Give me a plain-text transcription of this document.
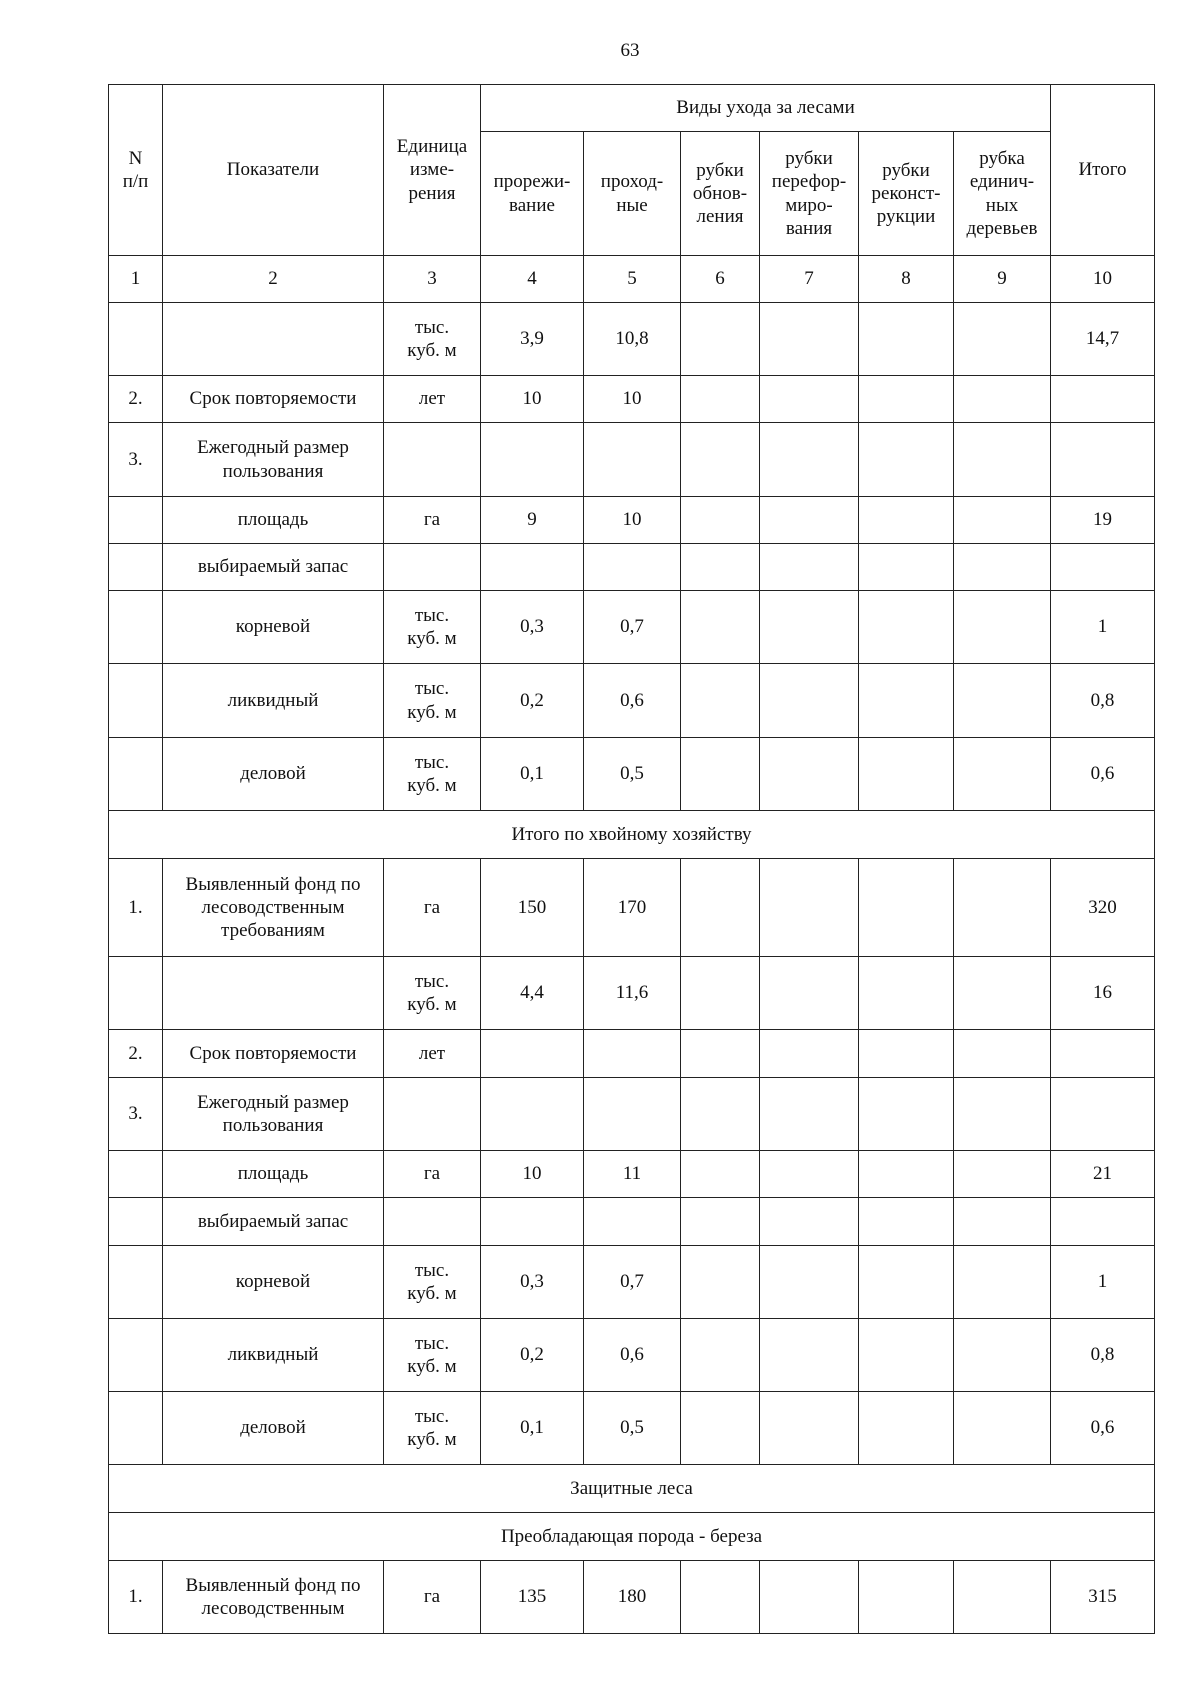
63
N
п/п	Показатели	Единица
изме-
рения	Виды ухода за лесами						Итого
			прорежи-
вание	проход-
ные	рубки
обнов-
ления	рубки
перефор-
миро-
вания	рубки
реконст-
рукции	рубка
единич-
ных
деревьев	
1	2	3	4	5	6	7	8	9	10
		тыс.
куб. м	3,9	10,8					14,7
2.	Срок повторяемости	лет	10	10					
3.	Ежегодный размер
пользования								
	площадь	га	9	10					19
	выбираемый запас								
	корневой	тыс.
куб. м	0,3	0,7					1
	ликвидный	тыс.
куб. м	0,2	0,6					0,8
	деловой	тыс.
куб. м	0,1	0,5					0,6
Итого по хвойному хозяйству									
1.	Выявленный фонд по
лесоводственным
требованиям	га	150	170					320
		тыс.
куб. м	4,4	11,6					16
2.	Срок повторяемости	лет							
3.	Ежегодный размер
пользования								
	площадь	га	10	11					21
	выбираемый запас								
	корневой	тыс.
куб. м	0,3	0,7					1
	ликвидный	тыс.
куб. м	0,2	0,6					0,8
	деловой	тыс.
куб. м	0,1	0,5					0,6
Защитные леса									
Преобладающая порода - береза									
1.	Выявленный фонд по
лесоводственным	га	135	180					315
